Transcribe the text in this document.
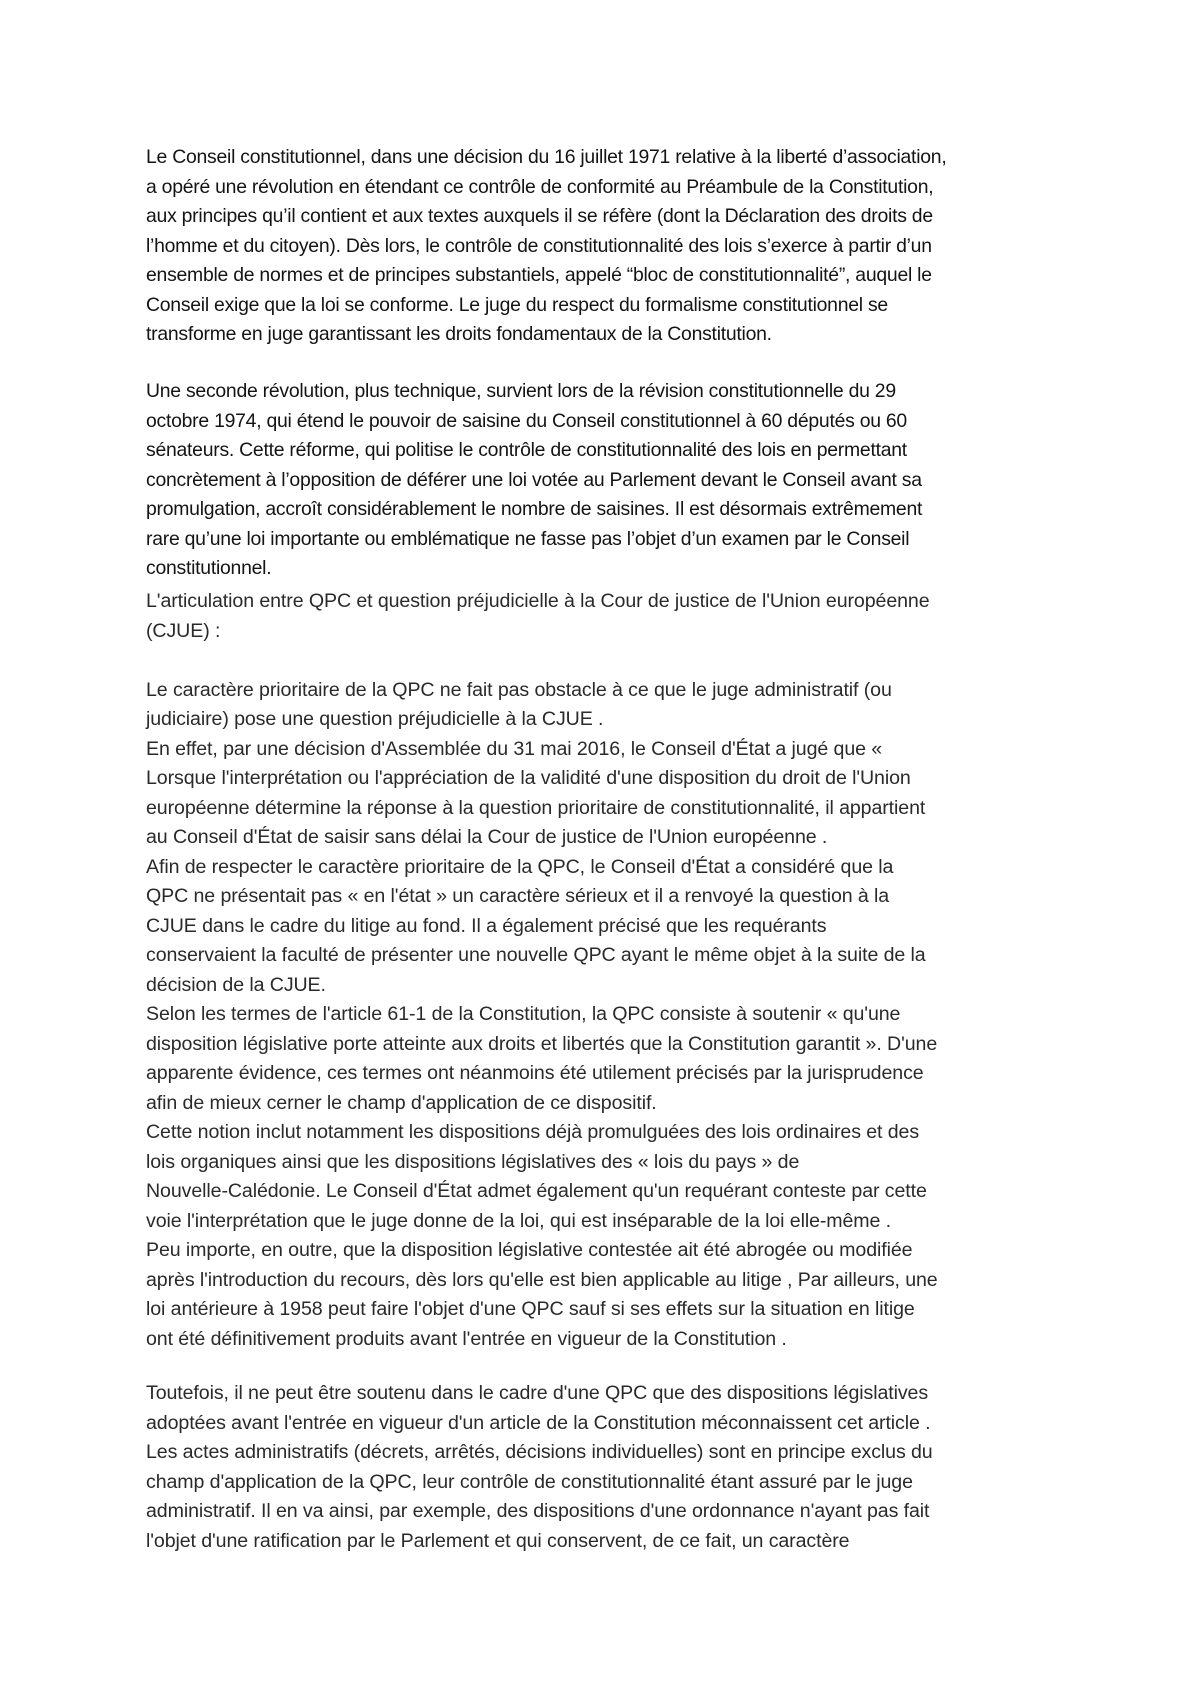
Le Conseil constitutionnel, dans une décision du 16 juillet 1971 relative à la liberté d’association,
a opéré une révolution en étendant ce contrôle de conformité au Préambule de la Constitution,
aux principes qu’il contient et aux textes auxquels il se réfère (dont la Déclaration des droits de
l’homme et du citoyen). Dès lors, le contrôle de constitutionnalité des lois s’exerce à partir d’un
ensemble de normes et de principes substantiels, appelé “bloc de constitutionnalité”, auquel le
Conseil exige que la loi se conforme. Le juge du respect du formalisme constitutionnel se
transforme en juge garantissant les droits fondamentaux de la Constitution.
Une seconde révolution, plus technique, survient lors de la révision constitutionnelle du 29
octobre 1974, qui étend le pouvoir de saisine du Conseil constitutionnel à 60 députés ou 60
sénateurs. Cette réforme, qui politise le contrôle de constitutionnalité des lois en permettant
concrètement à l’opposition de déférer une loi votée au Parlement devant le Conseil avant sa
promulgation, accroît considérablement le nombre de saisines. Il est désormais extrêmement
rare qu’une loi importante ou emblématique ne fasse pas l’objet d’un examen par le Conseil
constitutionnel.
L'articulation entre QPC et question préjudicielle à la Cour de justice de l'Union européenne
(CJUE) :
Le caractère prioritaire de la QPC ne fait pas obstacle à ce que le juge administratif (ou
judiciaire) pose une question préjudicielle à la CJUE .
En effet, par une décision d'Assemblée du 31 mai 2016, le Conseil d'État a jugé que «
Lorsque l'interprétation ou l'appréciation de la validité d'une disposition du droit de l'Union
européenne détermine la réponse à la question prioritaire de constitutionnalité, il appartient
au Conseil d'État de saisir sans délai la Cour de justice de l'Union européenne .
Afin de respecter le caractère prioritaire de la QPC, le Conseil d'État a considéré que la
QPC ne présentait pas « en l'état » un caractère sérieux et il a renvoyé la question à la
CJUE dans le cadre du litige au fond. Il a également précisé que les requérants
conservaient la faculté de présenter une nouvelle QPC ayant le même objet à la suite de la
décision de la CJUE.
Selon les termes de l'article 61-1 de la Constitution, la QPC consiste à soutenir « qu'une
disposition législative porte atteinte aux droits et libertés que la Constitution garantit ». D'une
apparente évidence, ces termes ont néanmoins été utilement précisés par la jurisprudence
afin de mieux cerner le champ d'application de ce dispositif.
Cette notion inclut notamment les dispositions déjà promulguées des lois ordinaires et des
lois organiques ainsi que les dispositions législatives des « lois du pays » de
Nouvelle-Calédonie. Le Conseil d'État admet également qu'un requérant conteste par cette
voie l'interprétation que le juge donne de la loi, qui est inséparable de la loi elle-même .
Peu importe, en outre, que la disposition législative contestée ait été abrogée ou modifiée
après l'introduction du recours, dès lors qu'elle est bien applicable au litige , Par ailleurs, une
loi antérieure à 1958 peut faire l'objet d'une QPC sauf si ses effets sur la situation en litige
ont été définitivement produits avant l'entrée en vigueur de la Constitution .
Toutefois, il ne peut être soutenu dans le cadre d'une QPC que des dispositions législatives
adoptées avant l'entrée en vigueur d'un article de la Constitution méconnaissent cet article .
Les actes administratifs (décrets, arrêtés, décisions individuelles) sont en principe exclus du
champ d'application de la QPC, leur contrôle de constitutionnalité étant assuré par le juge
administratif. Il en va ainsi, par exemple, des dispositions d'une ordonnance n'ayant pas fait
l'objet d'une ratification par le Parlement et qui conservent, de ce fait, un caractère
